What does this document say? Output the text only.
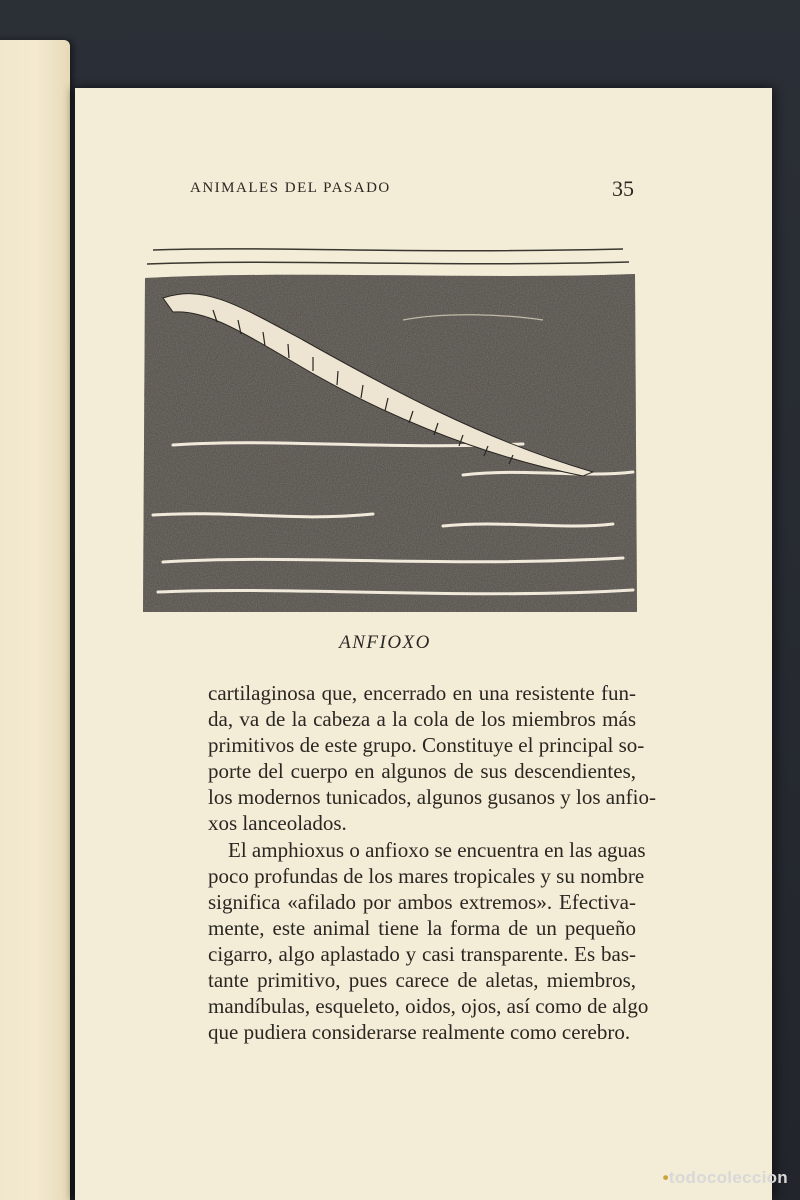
ANIMALES DEL PASADO	35
ANFIOXO
cartilaginosa que, encerrado en una resistente fun-
da, va de la cabeza a la cola de los miembros más
primitivos de este grupo. Constituye el principal so-
porte del cuerpo en algunos de sus descendientes,
los modernos tunicados, algunos gusanos y los anfio-
xos lanceolados.
El amphioxus o anfioxo se encuentra en las aguas
poco profundas de los mares tropicales y su nombre
significa «afilado por ambos extremos». Efectiva-
mente, este animal tiene la forma de un pequeño
cigarro, algo aplastado y casi transparente. Es bas-
tante primitivo, pues carece de aletas, miembros,
mandíbulas, esqueleto, oidos, ojos, así como de algo
que pudiera considerarse realmente como cerebro.
•todocoleccion
